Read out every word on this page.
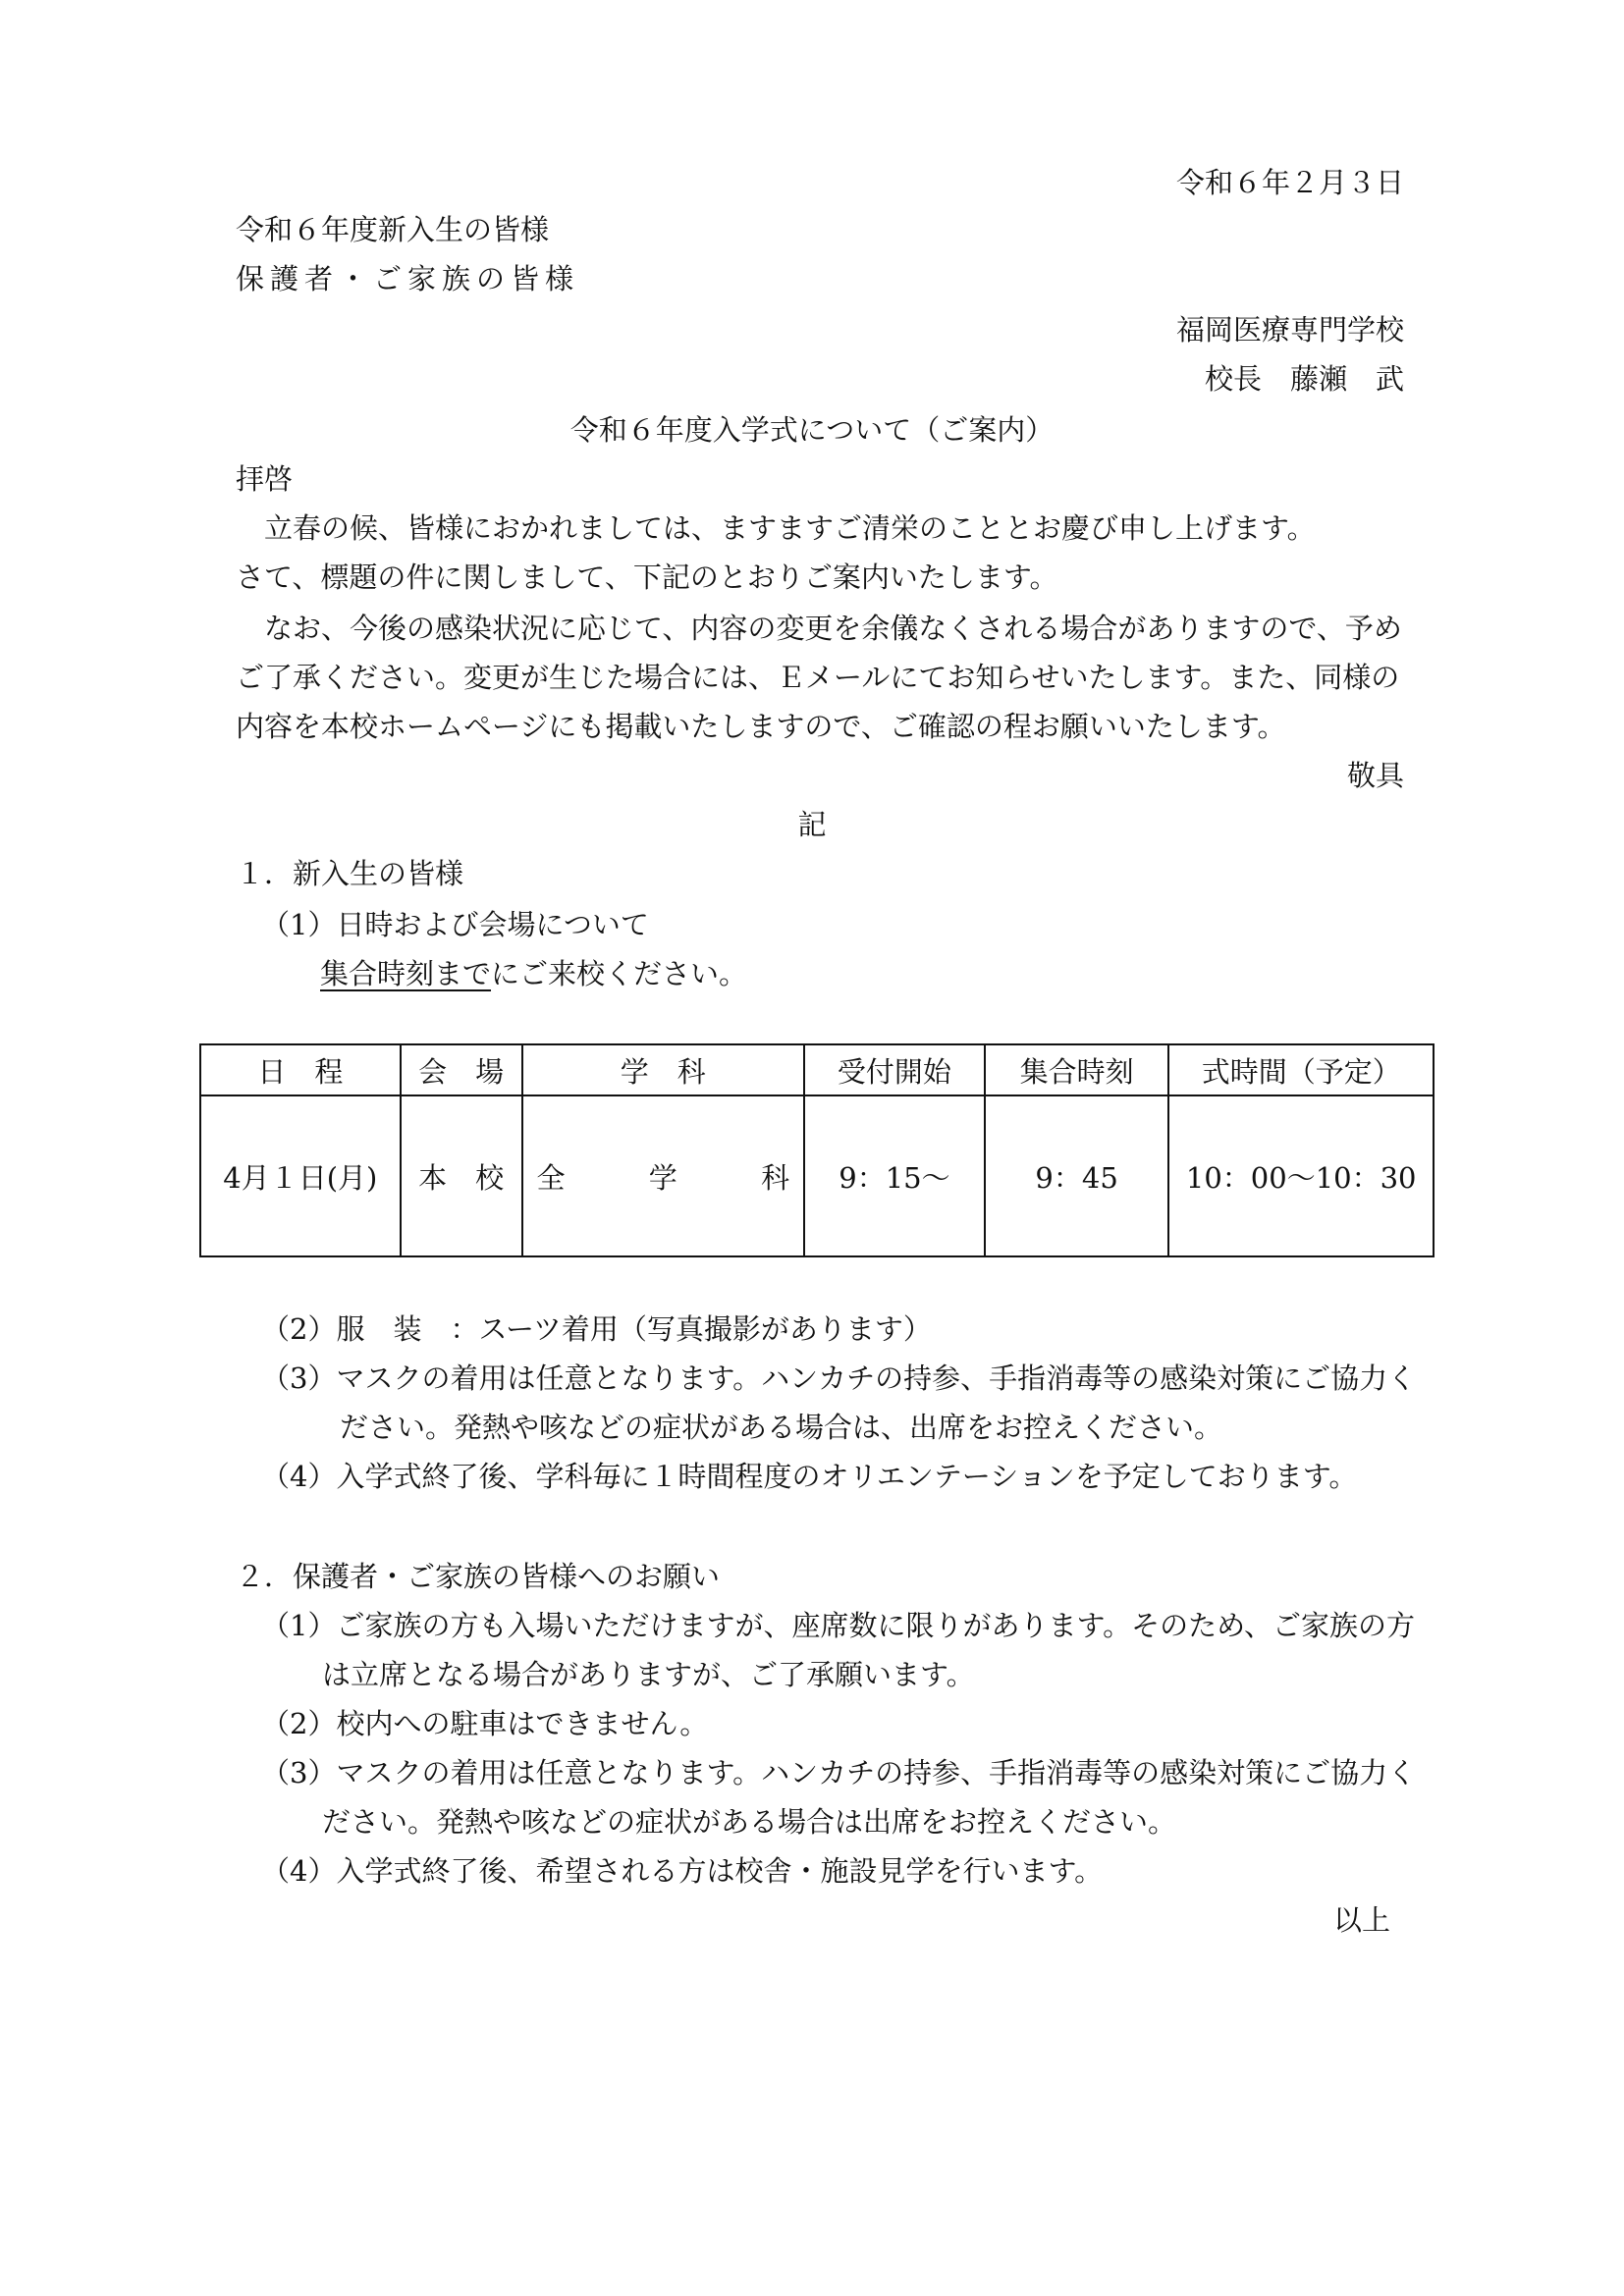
令和６年２月３日
令和６年度新入生の皆様
保護者・ご家族の皆様
福岡医療専門学校
校長　藤瀬　武
令和６年度入学式について（ご案内）
拝啓
立春の候、皆様におかれましては、ますますご清栄のこととお慶び申し上げます。
さて、標題の件に関しまして、下記のとおりご案内いたします。
なお、今後の感染状況に応じて、内容の変更を余儀なくされる場合がありますので、予め
ご了承ください。変更が生じた場合には、Ｅメールにてお知らせいたします。また、同様の
内容を本校ホームページにも掲載いたしますので、ご確認の程お願いいたします。
敬具
記
１．新入生の皆様
（1）日時および会場について
集合時刻までにご来校ください。
日　程	会　場	学　科	受付開始	集合時刻	式時間（予定）
4月１日(月)	本　校	全 学 科	9：15～	9：45	10：00～10：30
（2）服　装　：スーツ着用（写真撮影があります）
（3）マスクの着用は任意となります。ハンカチの持参、手指消毒等の感染対策にご協力く
ださい。発熱や咳などの症状がある場合は、出席をお控えください。
（4）入学式終了後、学科毎に１時間程度のオリエンテーションを予定しております。
２．保護者・ご家族の皆様へのお願い
（1）ご家族の方も入場いただけますが、座席数に限りがあります。そのため、ご家族の方
は立席となる場合がありますが、ご了承願います。
（2）校内への駐車はできません。
（3）マスクの着用は任意となります。ハンカチの持参、手指消毒等の感染対策にご協力く
ださい。発熱や咳などの症状がある場合は出席をお控えください。
（4）入学式終了後、希望される方は校舎・施設見学を行います。
以上
